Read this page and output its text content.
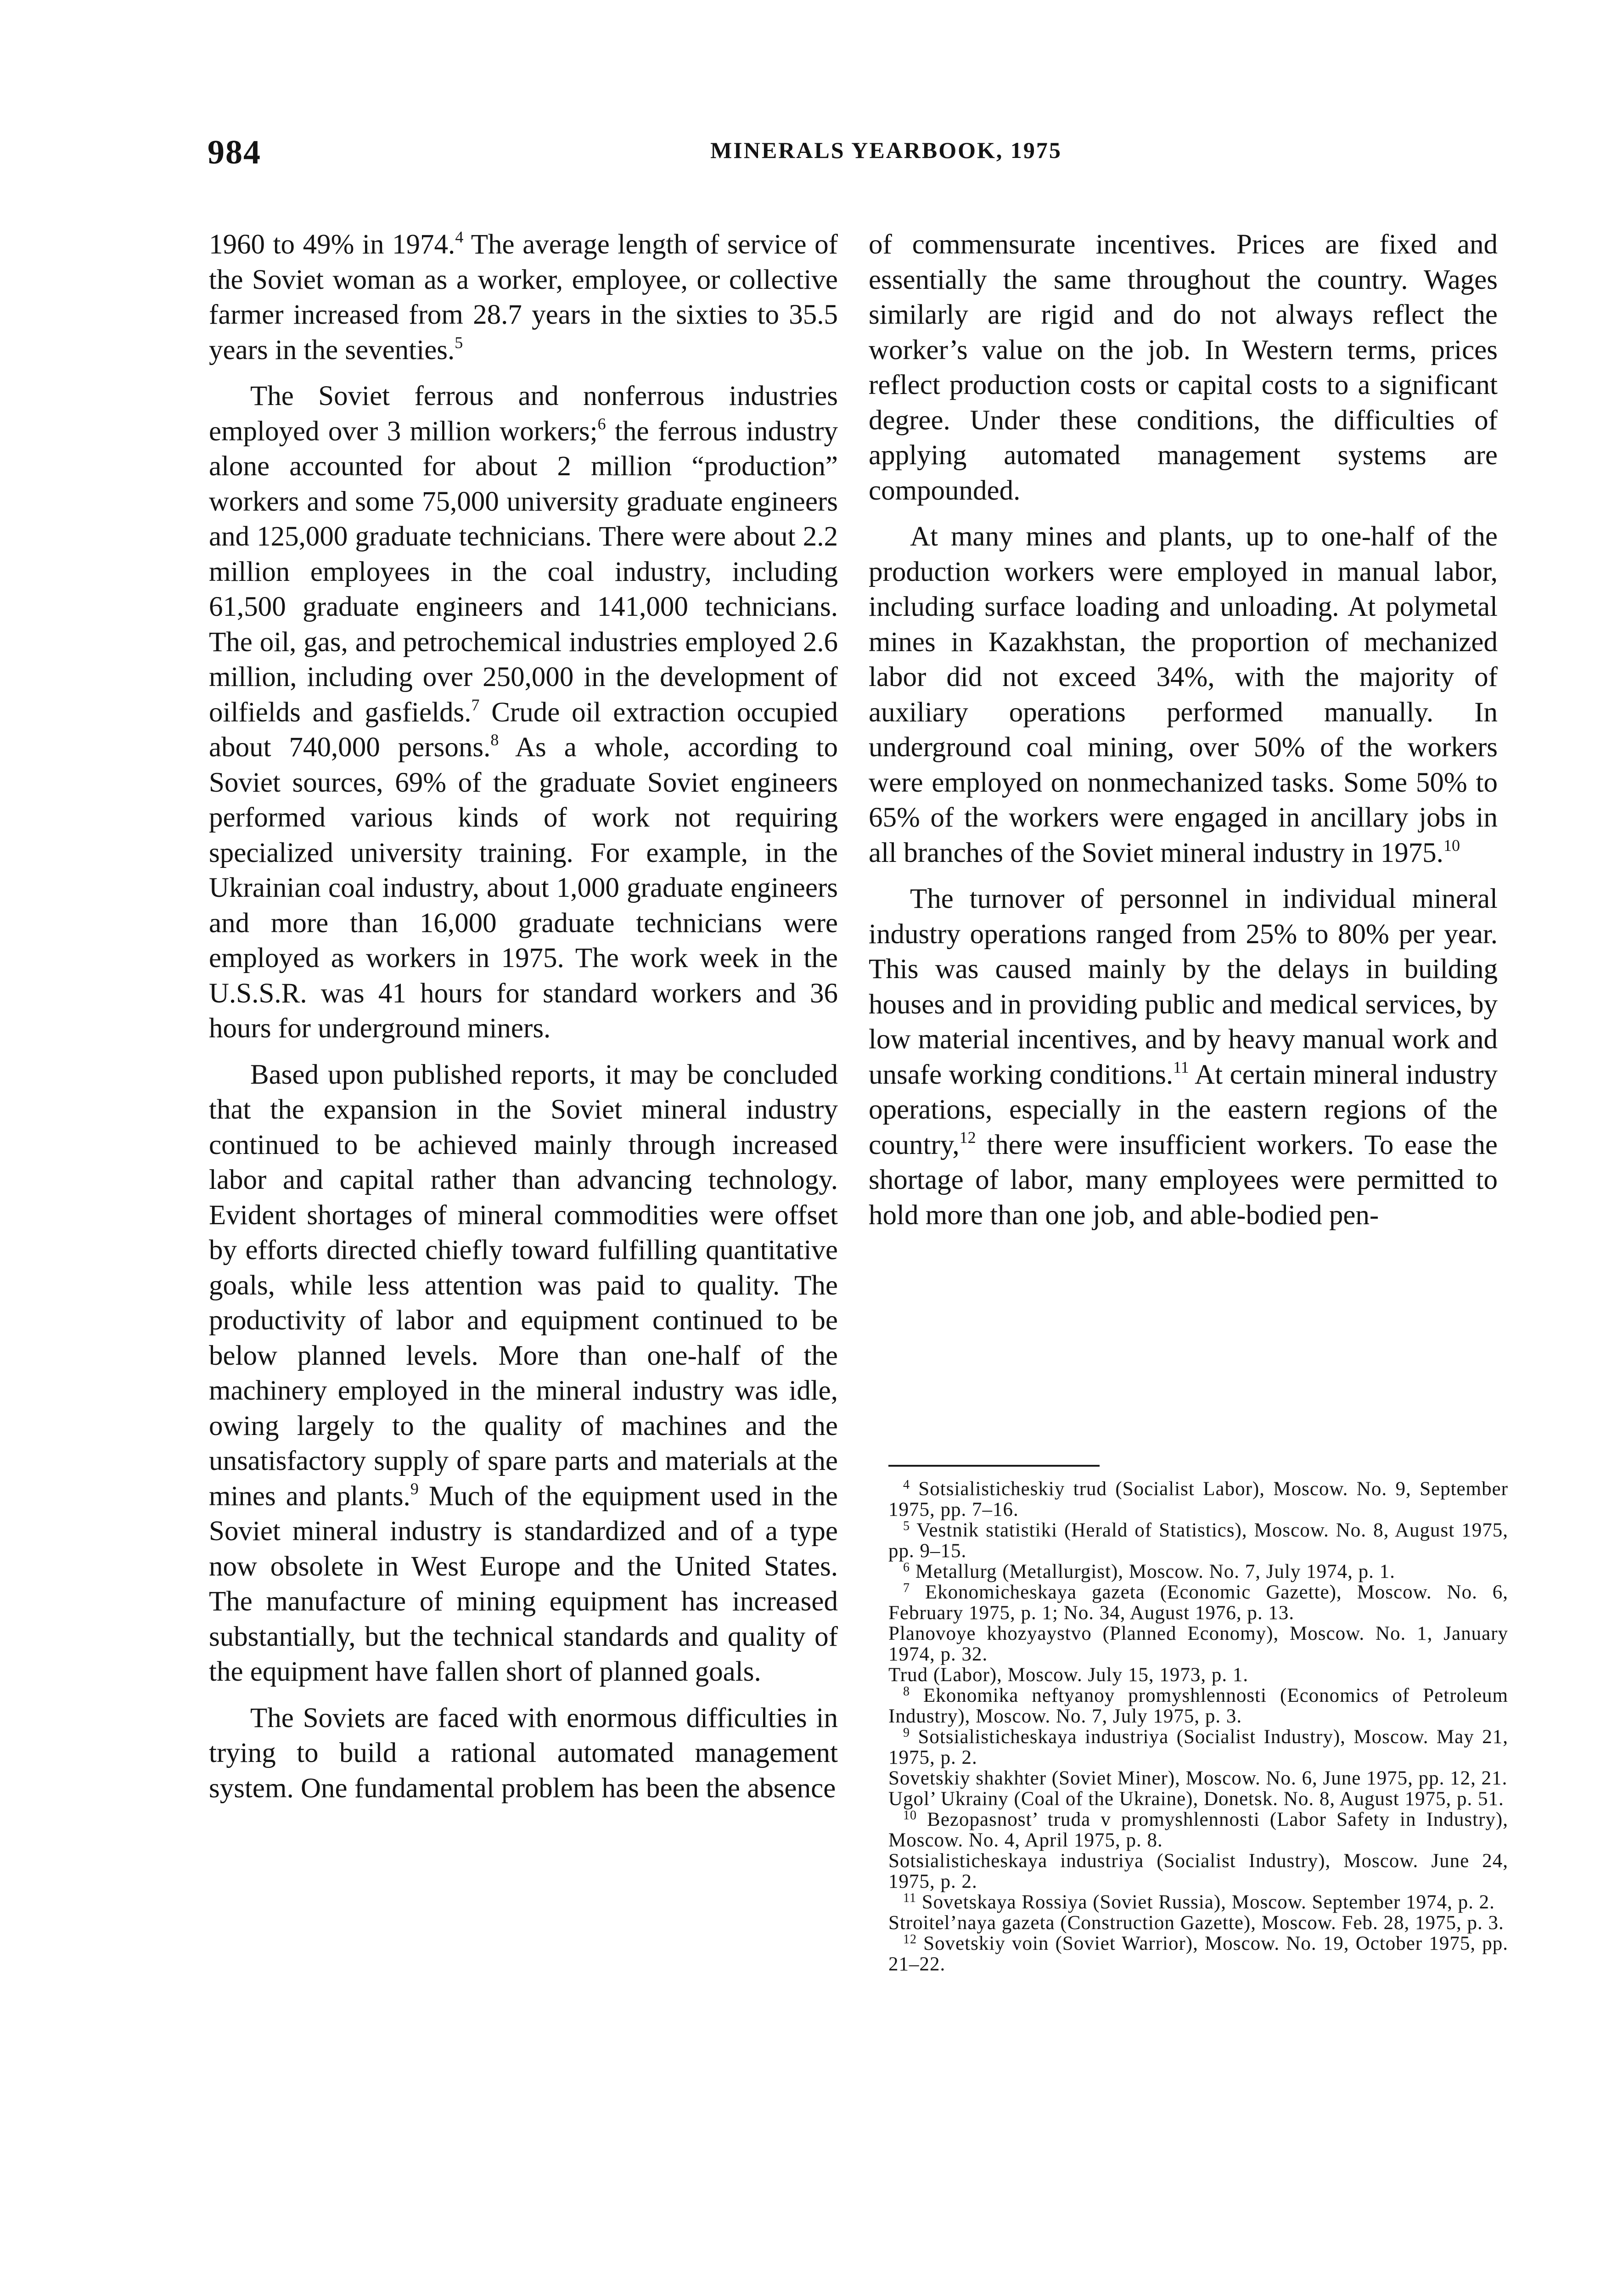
984	MINERALS YEARBOOK, 1975

1960 to 49% in 1974.$^4$ The average length of service of the Soviet woman as a worker, employee, or collective farmer increased from 28.7 years in the sixties to 35.5 years in the seventies.$^5$

The Soviet ferrous and nonferrous industries employed over 3 million workers;$^6$ the ferrous industry alone accounted for about 2 million “production” workers and some 75,000 university graduate engineers and 125,000 graduate technicians. There were about 2.2 million employees in the coal industry, including 61,500 graduate engineers and 141,000 technicians. The oil, gas, and petrochemical industries employed 2.6 million, including over 250,000 in the development of oilfields and gasfields.$^7$ Crude oil extraction occupied about 740,000 persons.$^8$ As a whole, according to Soviet sources, 69% of the graduate Soviet engineers performed various kinds of work not requiring specialized university training. For example, in the Ukrainian coal industry, about 1,000 graduate engineers and more than 16,000 graduate technicians were employed as workers in 1975. The work week in the U.S.S.R. was 41 hours for standard workers and 36 hours for underground miners.

Based upon published reports, it may be concluded that the expansion in the Soviet mineral industry continued to be achieved mainly through increased labor and capital rather than advancing technology. Evident shortages of mineral commodities were offset by efforts directed chiefly toward fulfilling quantitative goals, while less attention was paid to quality. The productivity of labor and equipment continued to be below planned levels. More than one-half of the machinery employed in the mineral industry was idle, owing largely to the quality of machines and the unsatisfactory supply of spare parts and materials at the mines and plants.$^9$ Much of the equipment used in the Soviet mineral industry is standardized and of a type now obsolete in West Europe and the United States. The manufacture of mining equipment has increased substantially, but the technical standards and quality of the equipment have fallen short of planned goals.

The Soviets are faced with enormous difficulties in trying to build a rational automated management system. One fundamental problem has been the absence

of commensurate incentives. Prices are fixed and essentially the same throughout the country. Wages similarly are rigid and do not always reflect the worker’s value on the job. In Western terms, prices reflect production costs or capital costs to a significant degree. Under these conditions, the difficulties of applying automated management systems are compounded.

At many mines and plants, up to one-half of the production workers were employed in manual labor, including surface loading and unloading. At polymetal mines in Kazakhstan, the proportion of mechanized labor did not exceed 34%, with the majority of auxiliary operations performed manually. In underground coal mining, over 50% of the workers were employed on nonmechanized tasks. Some 50% to 65% of the workers were engaged in ancillary jobs in all branches of the Soviet mineral industry in 1975.10

The turnover of personnel in individual mineral industry operations ranged from 25% to 80% per year. This was caused mainly by the delays in building houses and in providing public and medical services, by low material incentives, and by heavy manual work and unsafe working conditions.$^{11}$ At certain mineral industry operations, especially in the eastern regions of the country,$^{12}$ there were insufficient workers. To ease the shortage of labor, many employees were permitted to hold more than one job, and able-bodied pen-

$^4$ Sotsialisticheskiy trud (Socialist Labor), Moscow. No. 9, September 1975, pp. 7–16.

$^5$ Vestnik statistiki (Herald of Statistics), Moscow. No. 8, August 1975, pp. 9–15.

$^6$ Metallurg (Metallurgist), Moscow. No. 7, July 1974, p. 1.

$^7$ Ekonomicheskaya gazeta (Economic Gazette), Moscow. No. 6, February 1975, p. 1; No. 34, August 1976, p. 13.

Planovoye khozyaystvo (Planned Economy), Moscow. No. 1, January 1974, p. 32.

Trud (Labor), Moscow. July 15, 1973, p. 1.

$^8$ Ekonomika neftyanoy promyshlennosti (Economics of Petroleum Industry), Moscow. No. 7, July 1975, p. 3.

$^9$ Sotsialisticheskaya industriya (Socialist Industry), Moscow. May 21, 1975, p. 2.

Sovetskiy shakhter (Soviet Miner), Moscow. No. 6, June 1975, pp. 12, 21.

Ugol’ Ukrainy (Coal of the Ukraine), Donetsk. No. 8, August 1975, p. 51.

$^{10}$ Bezopasnost’ truda v promyshlennosti (Labor Safety in Industry), Moscow. No. 4, April 1975, p. 8.

Sotsialisticheskaya industriya (Socialist Industry), Moscow. June 24, 1975, p. 2.

$^{11}$ Sovetskaya Rossiya (Soviet Russia), Moscow. September 1974, p. 2.

Stroitel’naya gazeta (Construction Gazette), Moscow. Feb. 28, 1975, p. 3.

$^{12}$ Sovetskiy voin (Soviet Warrior), Moscow. No. 19, October 1975, pp. 21–22.
